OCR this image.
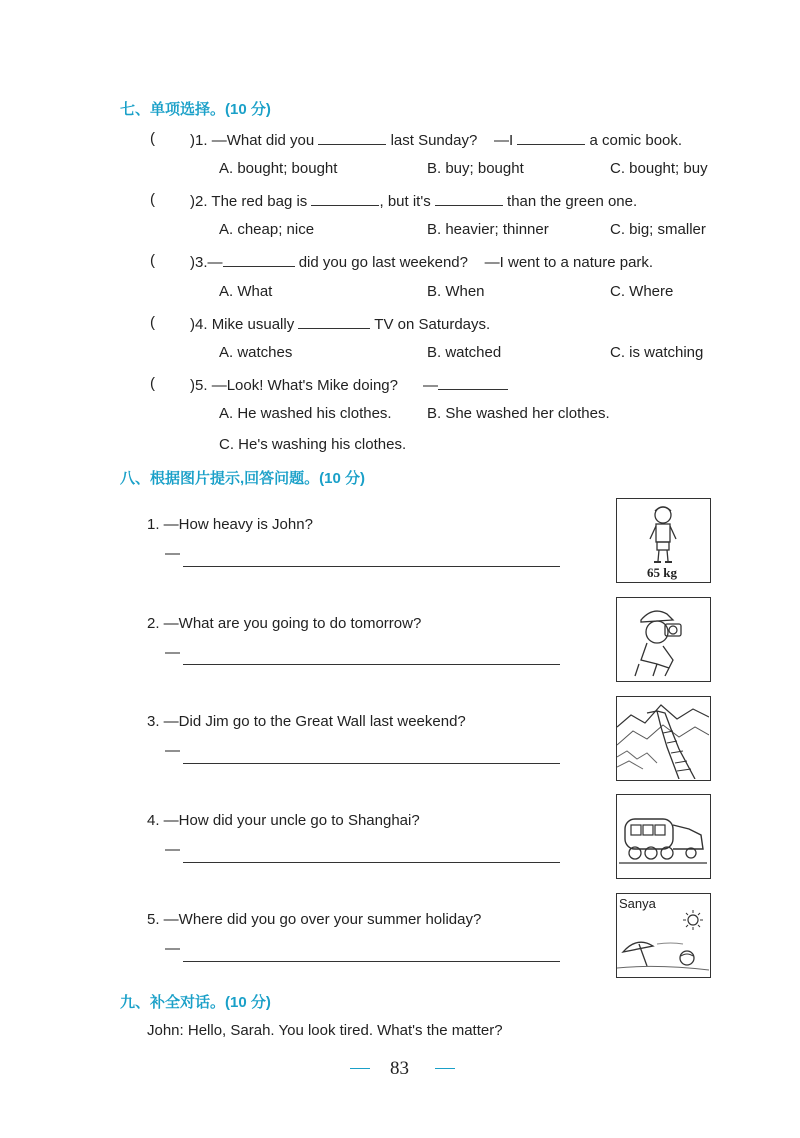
七、单项选择。(10 分)
( )1. —What did you	last Sunday? —I	a comic book.
A. bought; bought	B. buy; bought	C. bought; buy
( )2. The red bag is	, but it's	than the green one.
A. cheap; nice	B. heavier; thinner	C. big; smaller
( )3.—	did you go last weekend? —I went to a nature park.
A. What	B. When	C. Where
( )4. Mike usually	TV on Saturdays.
A. watches	B. watched	C. is watching
( )5. —Look! What's Mike doing? —
A. He washed his clothes. B. She washed her clothes.
C. He's washing his clothes.
八、根据图片提示,回答问题。(10 分)
1. —How heavy is John?
—
65 kg
2. —What are you going to do tomorrow?
—
3. —Did Jim go to the Great Wall last weekend?
—
4. —How did your uncle go to Shanghai?
—
5. —Where did you go over your summer holiday?
—
Sanya
九、补全对话。(10 分)
John: Hello, Sarah. You look tired. What's the matter?
83
